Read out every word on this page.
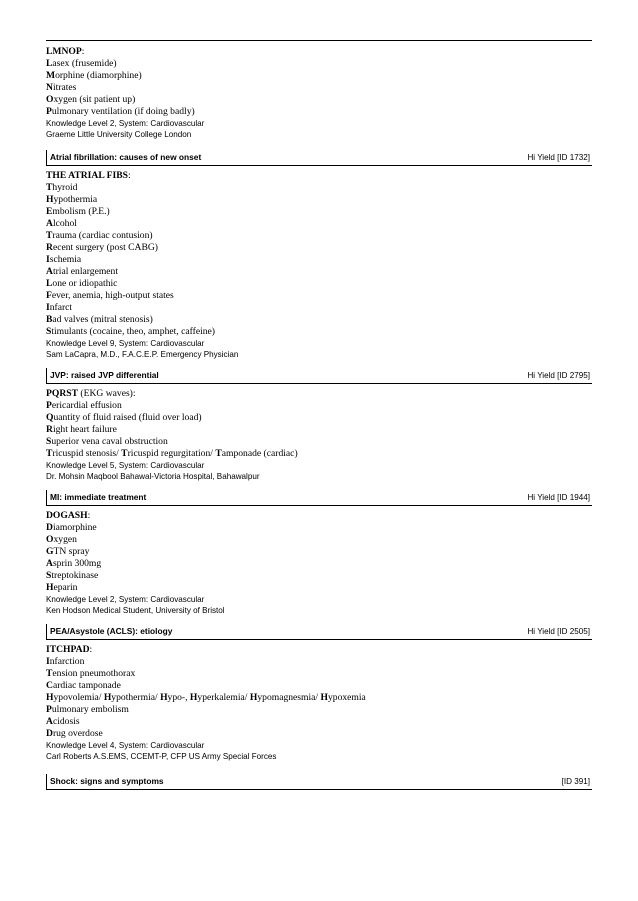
LMNOP:
Lasex (frusemide)
Morphine (diamorphine)
Nitrates
Oxygen (sit patient up)
Pulmonary ventilation (if doing badly)
Knowledge Level 2, System: Cardiovascular
Graeme Little University College London
Atrial fibrillation: causes of new onset	Hi Yield [ID 1732]
THE ATRIAL FIBS:
Thyroid
Hypothermia
Embolism (P.E.)
Alcohol
Trauma (cardiac contusion)
Recent surgery (post CABG)
Ischemia
Atrial enlargement
Lone or idiopathic
Fever, anemia, high-output states
Infarct
Bad valves (mitral stenosis)
Stimulants (cocaine, theo, amphet, caffeine)
Knowledge Level 9, System: Cardiovascular
Sam LaCapra, M.D., F.A.C.E.P. Emergency Physician
JVP: raised JVP differential	Hi Yield [ID 2795]
PQRST (EKG waves):
Pericardial effusion
Quantity of fluid raised (fluid over load)
Right heart failure
Superior vena caval obstruction
Tricuspid stenosis/ Tricuspid regurgitation/ Tamponade (cardiac)
Knowledge Level 5, System: Cardiovascular
Dr. Mohsin Maqbool Bahawal-Victoria Hospital, Bahawalpur
MI: immediate treatment	Hi Yield [ID 1944]
DOGASH:
Diamorphine
Oxygen
GTN spray
Asprin 300mg
Streptokinase
Heparin
Knowledge Level 2, System: Cardiovascular
Ken Hodson Medical Student, University of Bristol
PEA/Asystole (ACLS): etiology	Hi Yield [ID 2505]
ITCHPAD:
Infarction
Tension pneumothorax
Cardiac tamponade
Hypovolemia/ Hypothermia/ Hypo-, Hyperkalemia/ Hypomagnesmia/ Hypoxemia
Pulmonary embolism
Acidosis
Drug overdose
Knowledge Level 4, System: Cardiovascular
Carl Roberts A.S.EMS, CCEMT-P, CFP US Army Special Forces
Shock: signs and symptoms	[ID 391]
